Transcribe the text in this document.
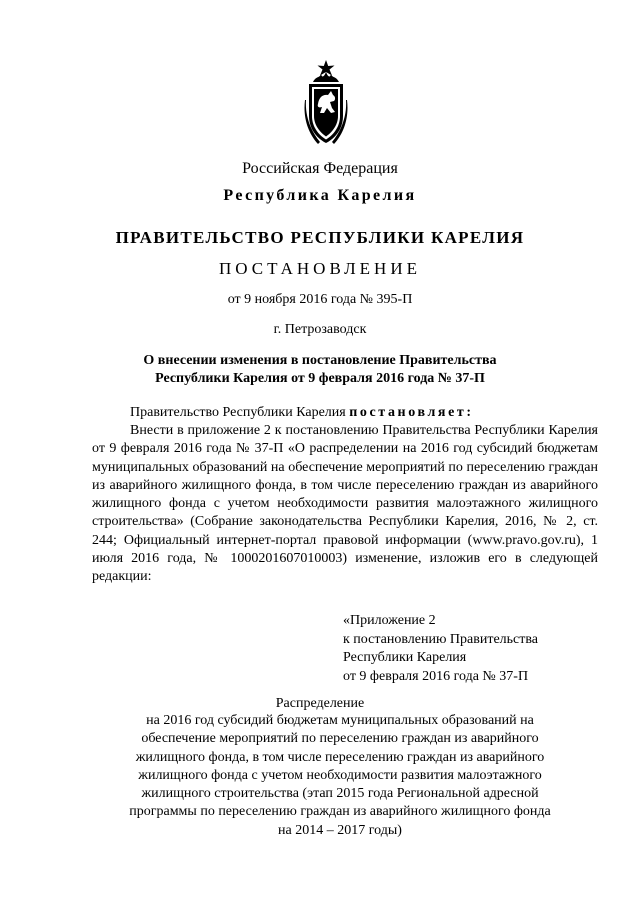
Российская Федерация
Республика Карелия
ПРАВИТЕЛЬСТВО РЕСПУБЛИКИ КАРЕЛИЯ
ПОСТАНОВЛЕНИЕ
от 9 ноября 2016 года № 395-П
г. Петрозаводск
О внесении изменения в постановление Правительства
Республики Карелия от 9 февраля 2016 года № 37-П
Правительство Республики Карелия постановляет:
Внести в приложение 2 к постановлению Правительства Республики Карелия от 9 февраля 2016 года № 37-П «О распределении на 2016 год субсидий бюджетам муниципальных образований на обеспечение мероприятий по переселению граждан из аварийного жилищного фонда, в том числе переселению граждан из аварийного жилищного фонда с учетом необходимости развития малоэтажного жилищного строительства» (Собрание законодательства Республики Карелия, 2016, № 2, ст. 244; Официальный интернет-портал правовой информации (www.pravo.gov.ru), 1 июля 2016 года, № 1000201607010003) изменение, изложив его в следующей редакции:
«Приложение 2
к постановлению Правительства
Республики Карелия
от 9 февраля 2016 года № 37-П
Распределение
на 2016 год субсидий бюджетам муниципальных образований на
обеспечение мероприятий по переселению граждан из аварийного
жилищного фонда, в том числе переселению граждан из аварийного
жилищного фонда с учетом необходимости развития малоэтажного
жилищного строительства (этап 2015 года Региональной адресной
программы по переселению граждан из аварийного жилищного фонда
на 2014 – 2017 годы)
